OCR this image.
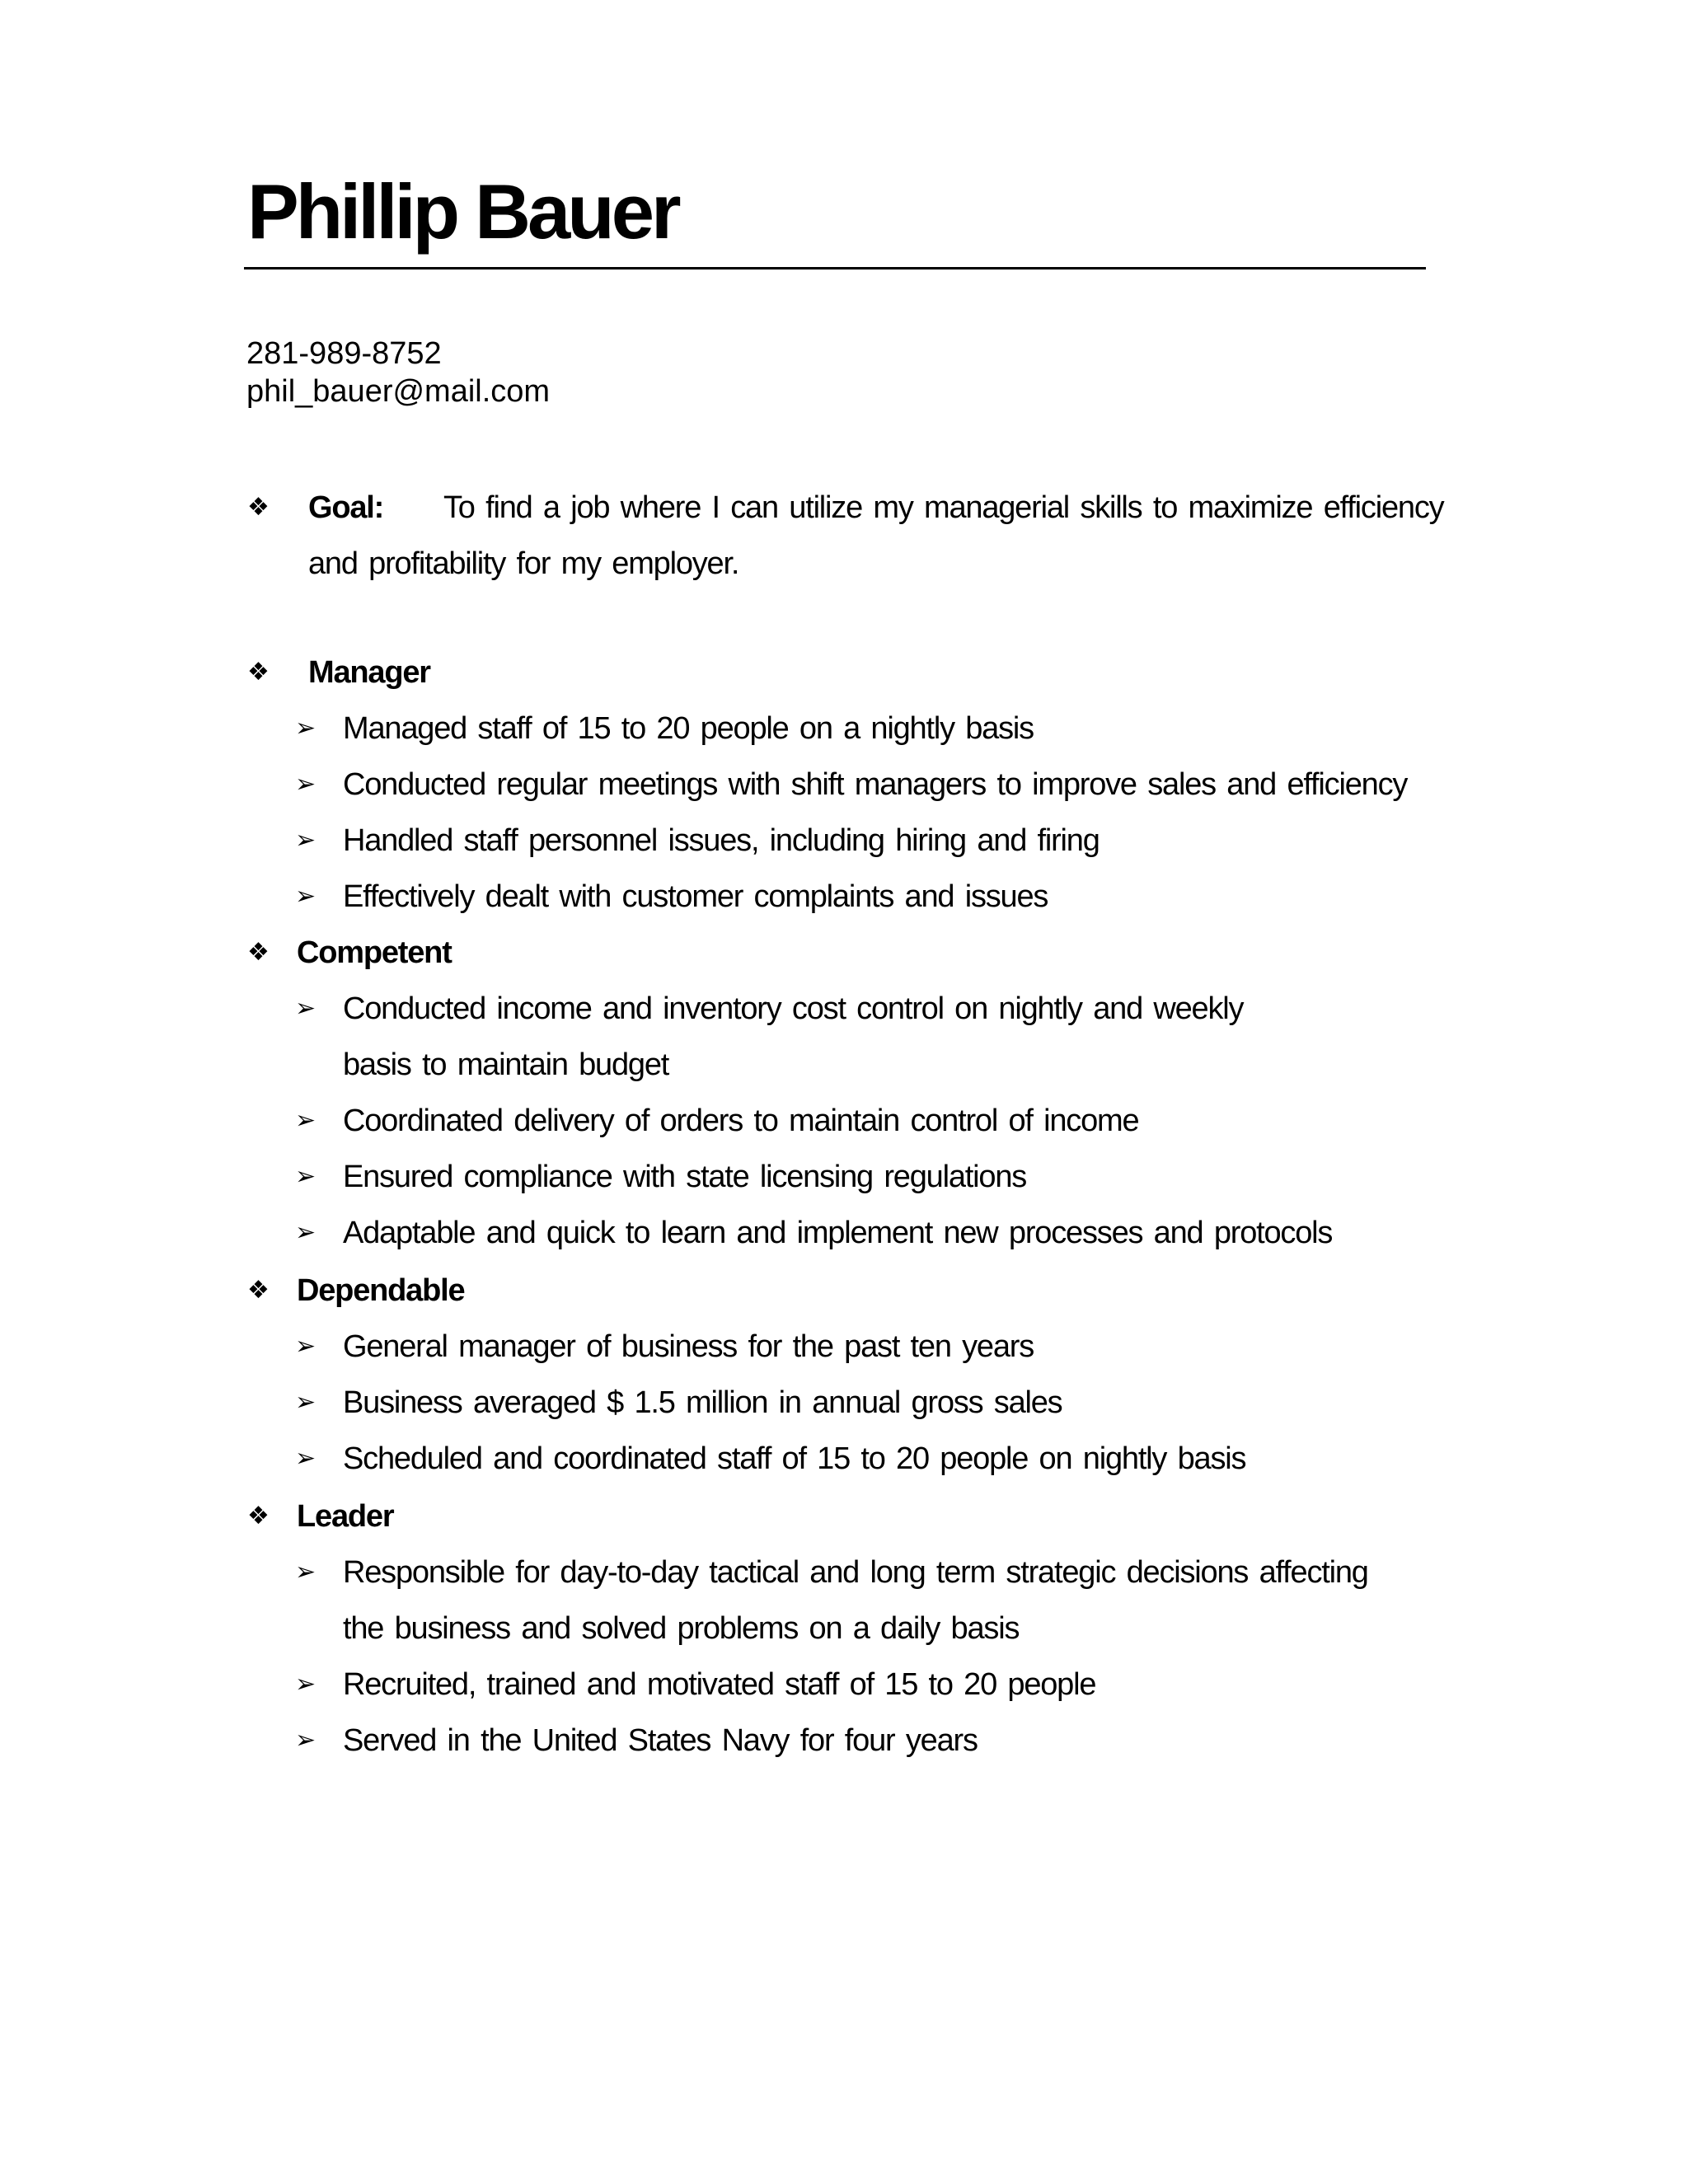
Phillip Bauer
281-989-8752
phil_bauer@mail.com
❖ Goal: To find a job where I can utilize my managerial skills to maximize efficiency
and profitability for my employer.
❖ Manager
➢ Managed staff of 15 to 20 people on a nightly basis
➢ Conducted regular meetings with shift managers to improve sales and efficiency
➢ Handled staff personnel issues, including hiring and firing
➢ Effectively dealt with customer complaints and issues
❖ Competent
➢ Conducted income and inventory cost control on nightly and weekly basis to maintain budget
➢ Coordinated delivery of orders to maintain control of income
➢ Ensured compliance with state licensing regulations
➢ Adaptable and quick to learn and implement new processes and protocols
❖ Dependable
➢ General manager of business for the past ten years
➢ Business averaged $ 1.5 million in annual gross sales
➢ Scheduled and coordinated staff of 15 to 20 people on nightly basis
❖ Leader
➢ Responsible for day-to-day tactical and long term strategic decisions affecting the business and solved problems on a daily basis
➢ Recruited, trained and motivated staff of 15 to 20 people
➢ Served in the United States Navy for four years
